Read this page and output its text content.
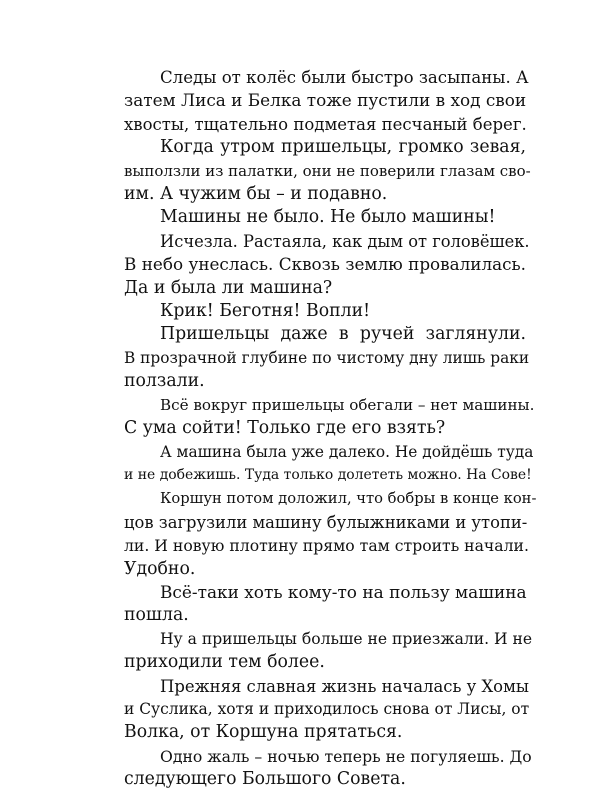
Следы от колёс были быстро засыпаны. А
затем Лиса и Белка тоже пустили в ход свои
хвосты, тщательно подметая песчаный берег.

Когда утром пришельцы, громко зевая,
выползли из палатки, они не поверили глазам сво-
им. А чужим бы – и подавно.

Машины не было. Не было машины!

Исчезла. Растаяла, как дым от головёшек.
В небо унеслась. Сквозь землю провалилась.
Да и была ли машина?

Крик! Беготня! Вопли!

Пришельцы даже в ручей заглянули.
В прозрачной глубине по чистому дну лишь раки
ползали.

Всё вокруг пришельцы обегали – нет машины.
С ума сойти! Только где его взять?

А машина была уже далеко. Не дойдёшь туда
и не добежишь. Туда только долететь можно. На Сове!

Коршун потом доложил, что бобры в конце кон-
цов загрузили машину булыжниками и утопи-
ли. И новую плотину прямо там строить начали.
Удобно.

Всё-таки хоть кому-то на пользу машина
пошла.

Ну а пришельцы больше не приезжали. И не
приходили тем более.

Прежняя славная жизнь началась у Хомы
и Суслика, хотя и приходилось снова от Лисы, от
Волка, от Коршуна прятаться.

Одно жаль – ночью теперь не погуляешь. До
следующего Большого Совета.
